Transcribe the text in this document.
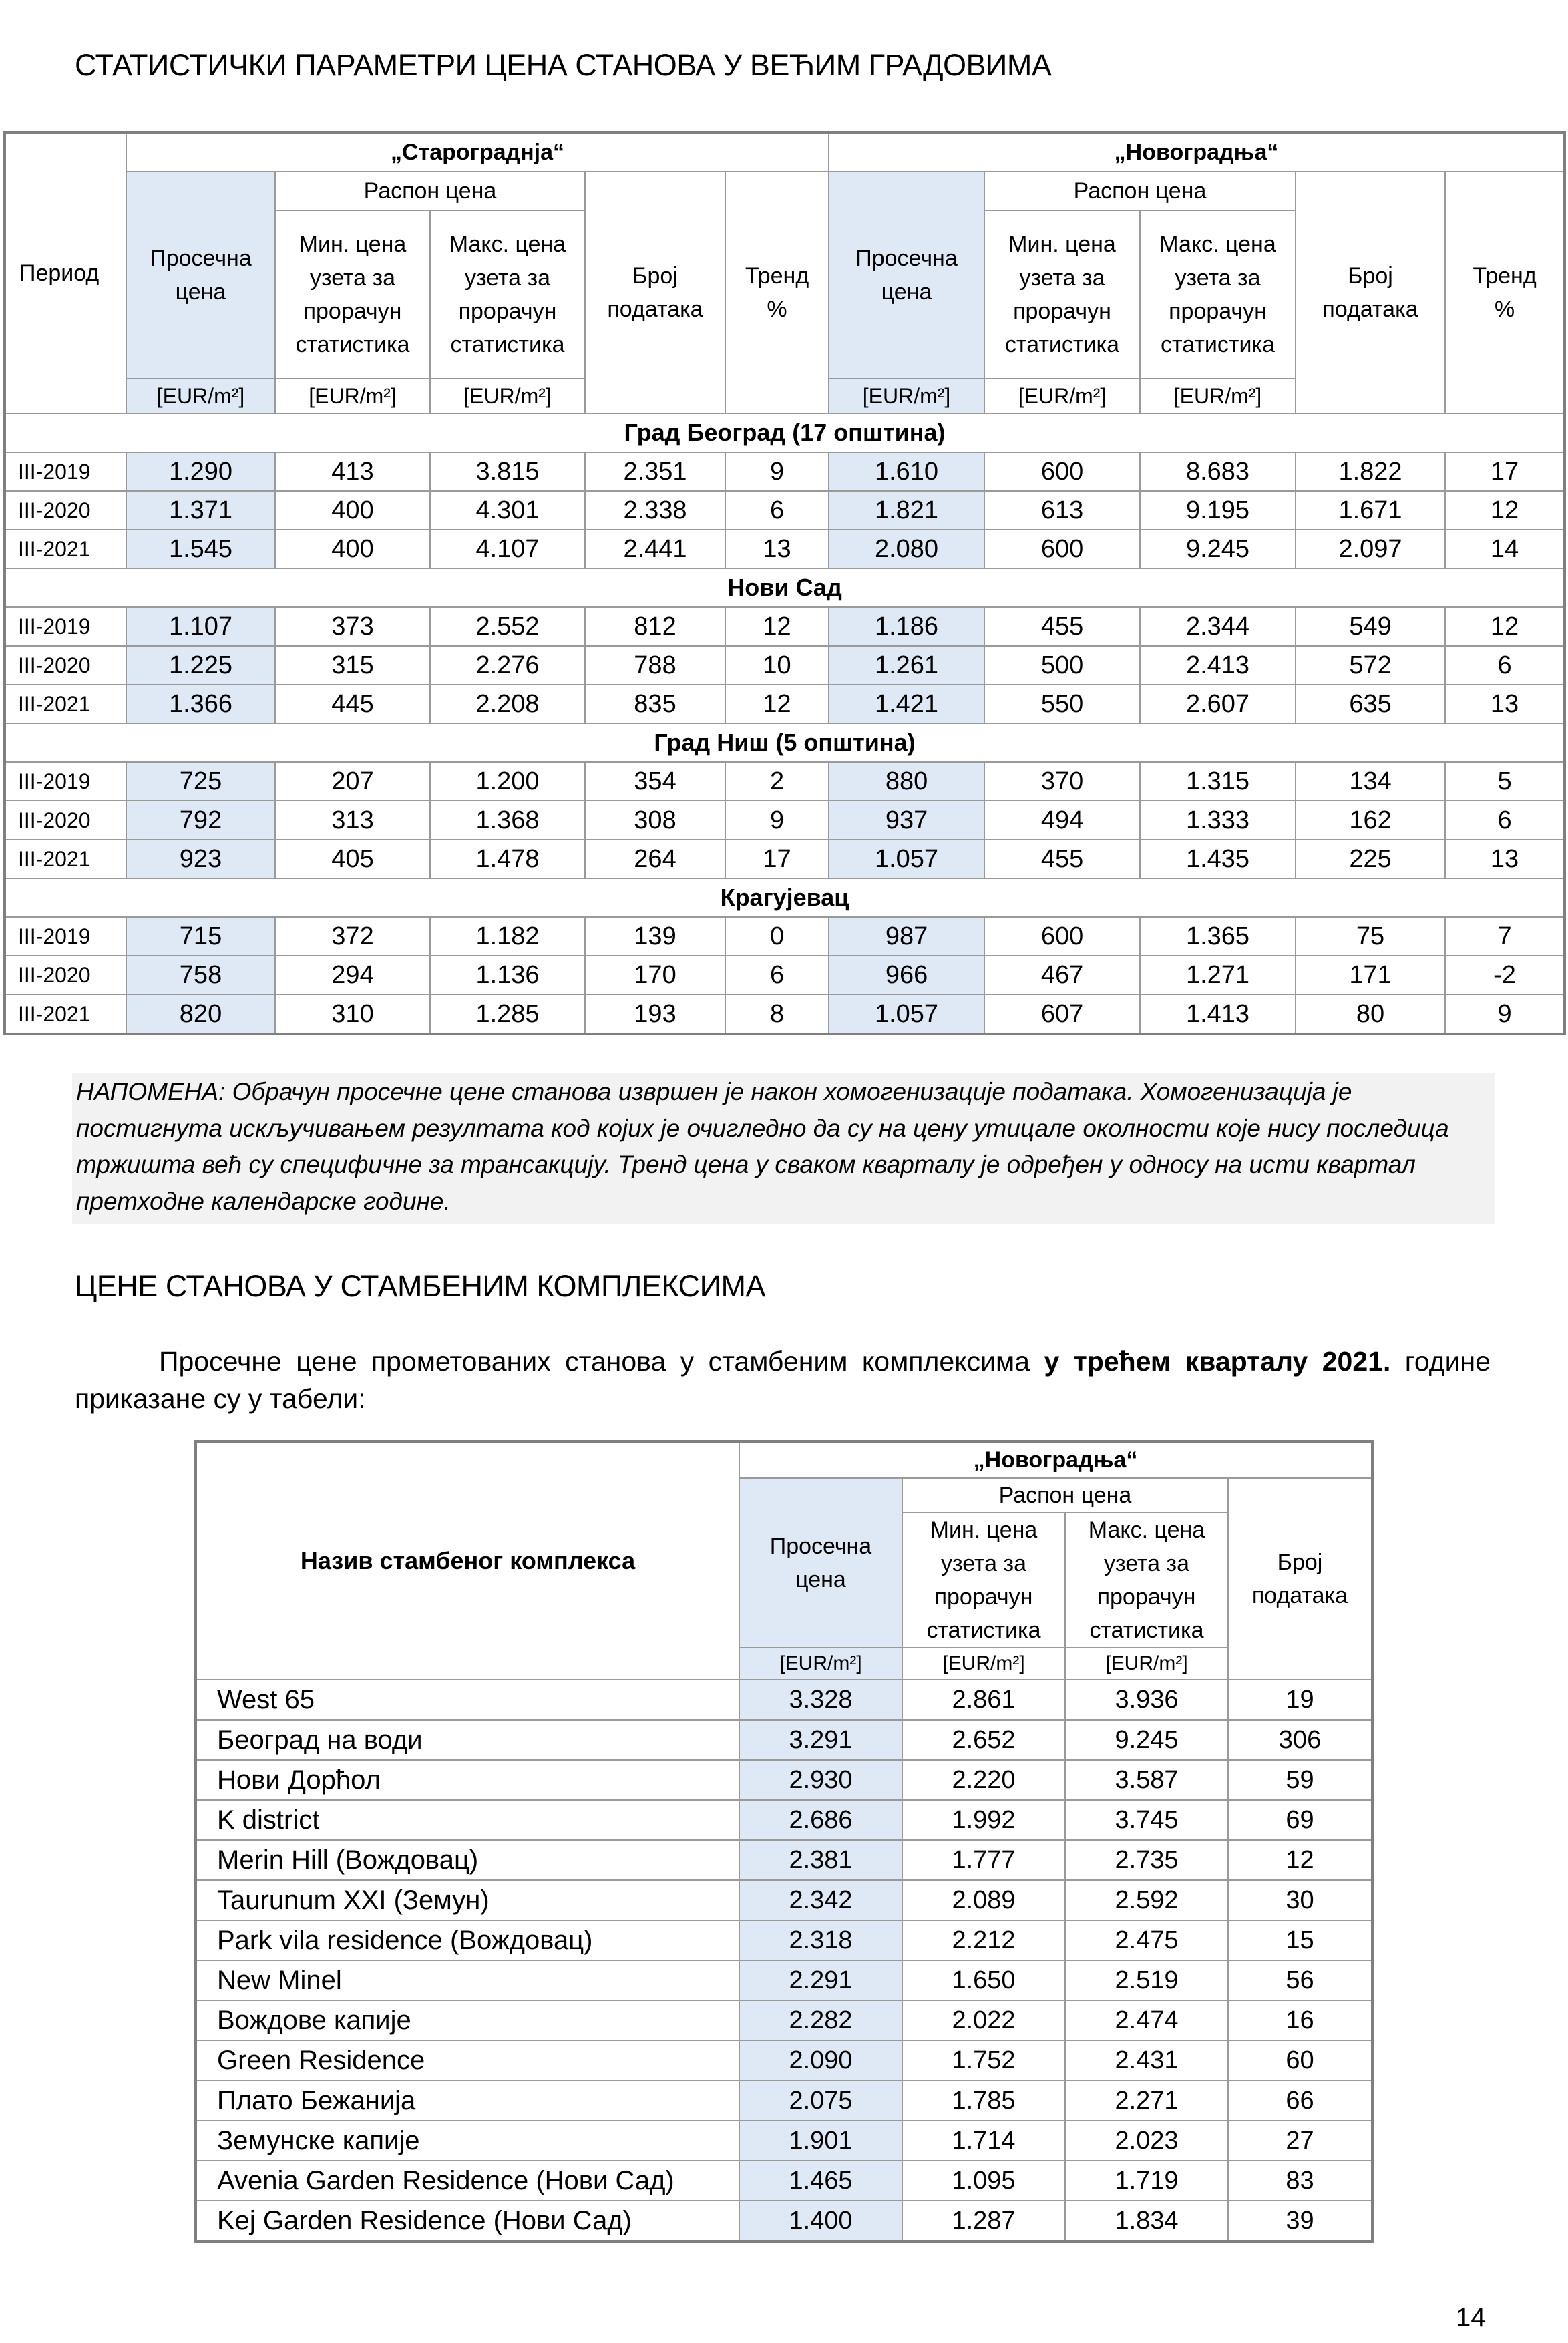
СТАТИСТИЧКИ ПАРАМЕТРИ ЦЕНА СТАНОВА У ВЕЋИМ ГРАДОВИМА
Период	„Старограднја“					„Новоградња“				
	Просечна цена	Распон цена		Број података	Тренд %	Просечна цена	Распон цена		Број података	Тренд %
		Мин. цена узета за прорачун статистика	Макс. цена узета за прорачун статистика				Мин. цена узета за прорачун статистика	Макс. цена узета за прорачун статистика		
	[EUR/m²]	[EUR/m²]	[EUR/m²]			[EUR/m²]	[EUR/m²]	[EUR/m²]		
Град Београд (17 општина)										
III-2019	1.290	413	3.815	2.351	9	1.610	600	8.683	1.822	17
III-2020	1.371	400	4.301	2.338	6	1.821	613	9.195	1.671	12
III-2021	1.545	400	4.107	2.441	13	2.080	600	9.245	2.097	14
Нови Сад										
III-2019	1.107	373	2.552	812	12	1.186	455	2.344	549	12
III-2020	1.225	315	2.276	788	10	1.261	500	2.413	572	6
III-2021	1.366	445	2.208	835	12	1.421	550	2.607	635	13
Град Ниш (5 општина)										
III-2019	725	207	1.200	354	2	880	370	1.315	134	5
III-2020	792	313	1.368	308	9	937	494	1.333	162	6
III-2021	923	405	1.478	264	17	1.057	455	1.435	225	13
Крагујевац										
III-2019	715	372	1.182	139	0	987	600	1.365	75	7
III-2020	758	294	1.136	170	6	966	467	1.271	171	-2
III-2021	820	310	1.285	193	8	1.057	607	1.413	80	9
НАПОМЕНА: Обрачун просечне цене станова извршен је након хомогенизације података. Хомогенизација је постигнута искључивањем резултата код којих је очигледно да су на цену утицале околности које нису последица тржишта већ су специфичне за трансакцију. Тренд цена у сваком кварталу је одређен у односу на исти квартал претходне календарске године.
ЦЕНЕ СТАНОВА У СТАМБЕНИМ КОМПЛЕКСИМА
Просечне цене прометованих станова у стамбеним комплексима у трећем кварталу 2021. године приказане су у табели:
Назив стамбеног комплекса	„Новоградња“			
	Просечна цена	Распон цена		Број података
		Мин. цена узета за прорачун статистика	Макс. цена узета за прорачун статистика	
	[EUR/m²]	[EUR/m²]	[EUR/m²]	
West 65	3.328	2.861	3.936	19
Београд на води	3.291	2.652	9.245	306
Нови Дорћол	2.930	2.220	3.587	59
K district	2.686	1.992	3.745	69
Merin Hill (Вождовац)	2.381	1.777	2.735	12
Taurunum XXI (Земун)	2.342	2.089	2.592	30
Park vila residence (Вождовац)	2.318	2.212	2.475	15
New Minel	2.291	1.650	2.519	56
Вождове капије	2.282	2.022	2.474	16
Green Residence	2.090	1.752	2.431	60
Плато Бежанија	2.075	1.785	2.271	66
Земунске капије	1.901	1.714	2.023	27
Avenia Garden Residence (Нови Сад)	1.465	1.095	1.719	83
Kej Garden Residence (Нови Сад)	1.400	1.287	1.834	39
14
